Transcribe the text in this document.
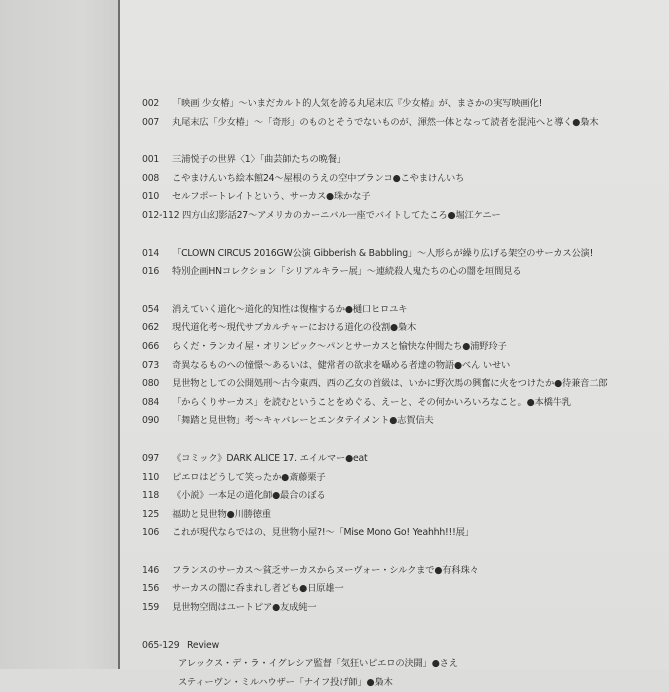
002	「映画 少女椿」〜いまだカルト的人気を誇る丸尾末広『少女椿』が、まさかの実写映画化!
007	丸尾末広「少女椿」〜「奇形」のものとそうでないものが、渾然一体となって読者を混沌へと導く●梟木
001	三浦悦子の世界〈1〉「曲芸師たちの晩餐」
008	こやまけんいち絵本館24〜屋根のうえの空中ブランコ●こやまけんいち
010	セルフポートレイトという、サーカス●珠かな子
012-112 四方山幻影話27〜アメリカのカーニバル一座でバイトしてたころ●堀江ケニー
014	「CLOWN CIRCUS 2016GW公演 Gibberish & Babbling」〜人形らが繰り広げる架空のサーカス公演!
016	特別企画HNコレクション「シリアルキラー展」〜連続殺人鬼たちの心の闇を垣間見る
054	消えていく道化〜道化的知性は復権するか●樋口ヒロユキ
062	現代道化考〜現代サブカルチャーにおける道化の役割●梟木
066	らくだ・ランカイ屋・オリンピック〜パンとサーカスと愉快な仲間たち●浦野玲子
073	奇異なるものへの憧憬〜あるいは、健常者の欲求を囁める者達の物語●べん いせい
080	見世物としての公開処刑〜古今東西、西の乙女の首級は、いかに野次馬の興奮に火をつけたか●待兼音二郎
084	「からくりサーカス」を読むということをめぐる、えーと、その何かいろいろなこと。●本橋牛乳
090	「舞踏と見世物」考〜キャバレーとエンタテイメント●志賀信夫
097	《コミック》DARK ALICE 17. エイルマー●eat
110	ピエロはどうして笑ったか●斎藤栗子
118	《小説》一本足の道化師●最合のぼる
125	福助と見世物●川勝徳重
106	これが現代ならではの、見世物小屋?!〜「Mise Mono Go! Yeahhh!!!展」
146	フランスのサーカス〜貧乏サーカスからヌーヴォー・シルクまで●有科珠々
156	サーカスの闇に呑まれし者ども●日原雄一
159	見世物空間はユートピア●友成純一
065-129 Review
アレックス・デ・ラ・イグレシア監督「気狂いピエロの決闘」●さえ
スティーヴン・ミルハウザー「ナイフ投げ師」●梟木
